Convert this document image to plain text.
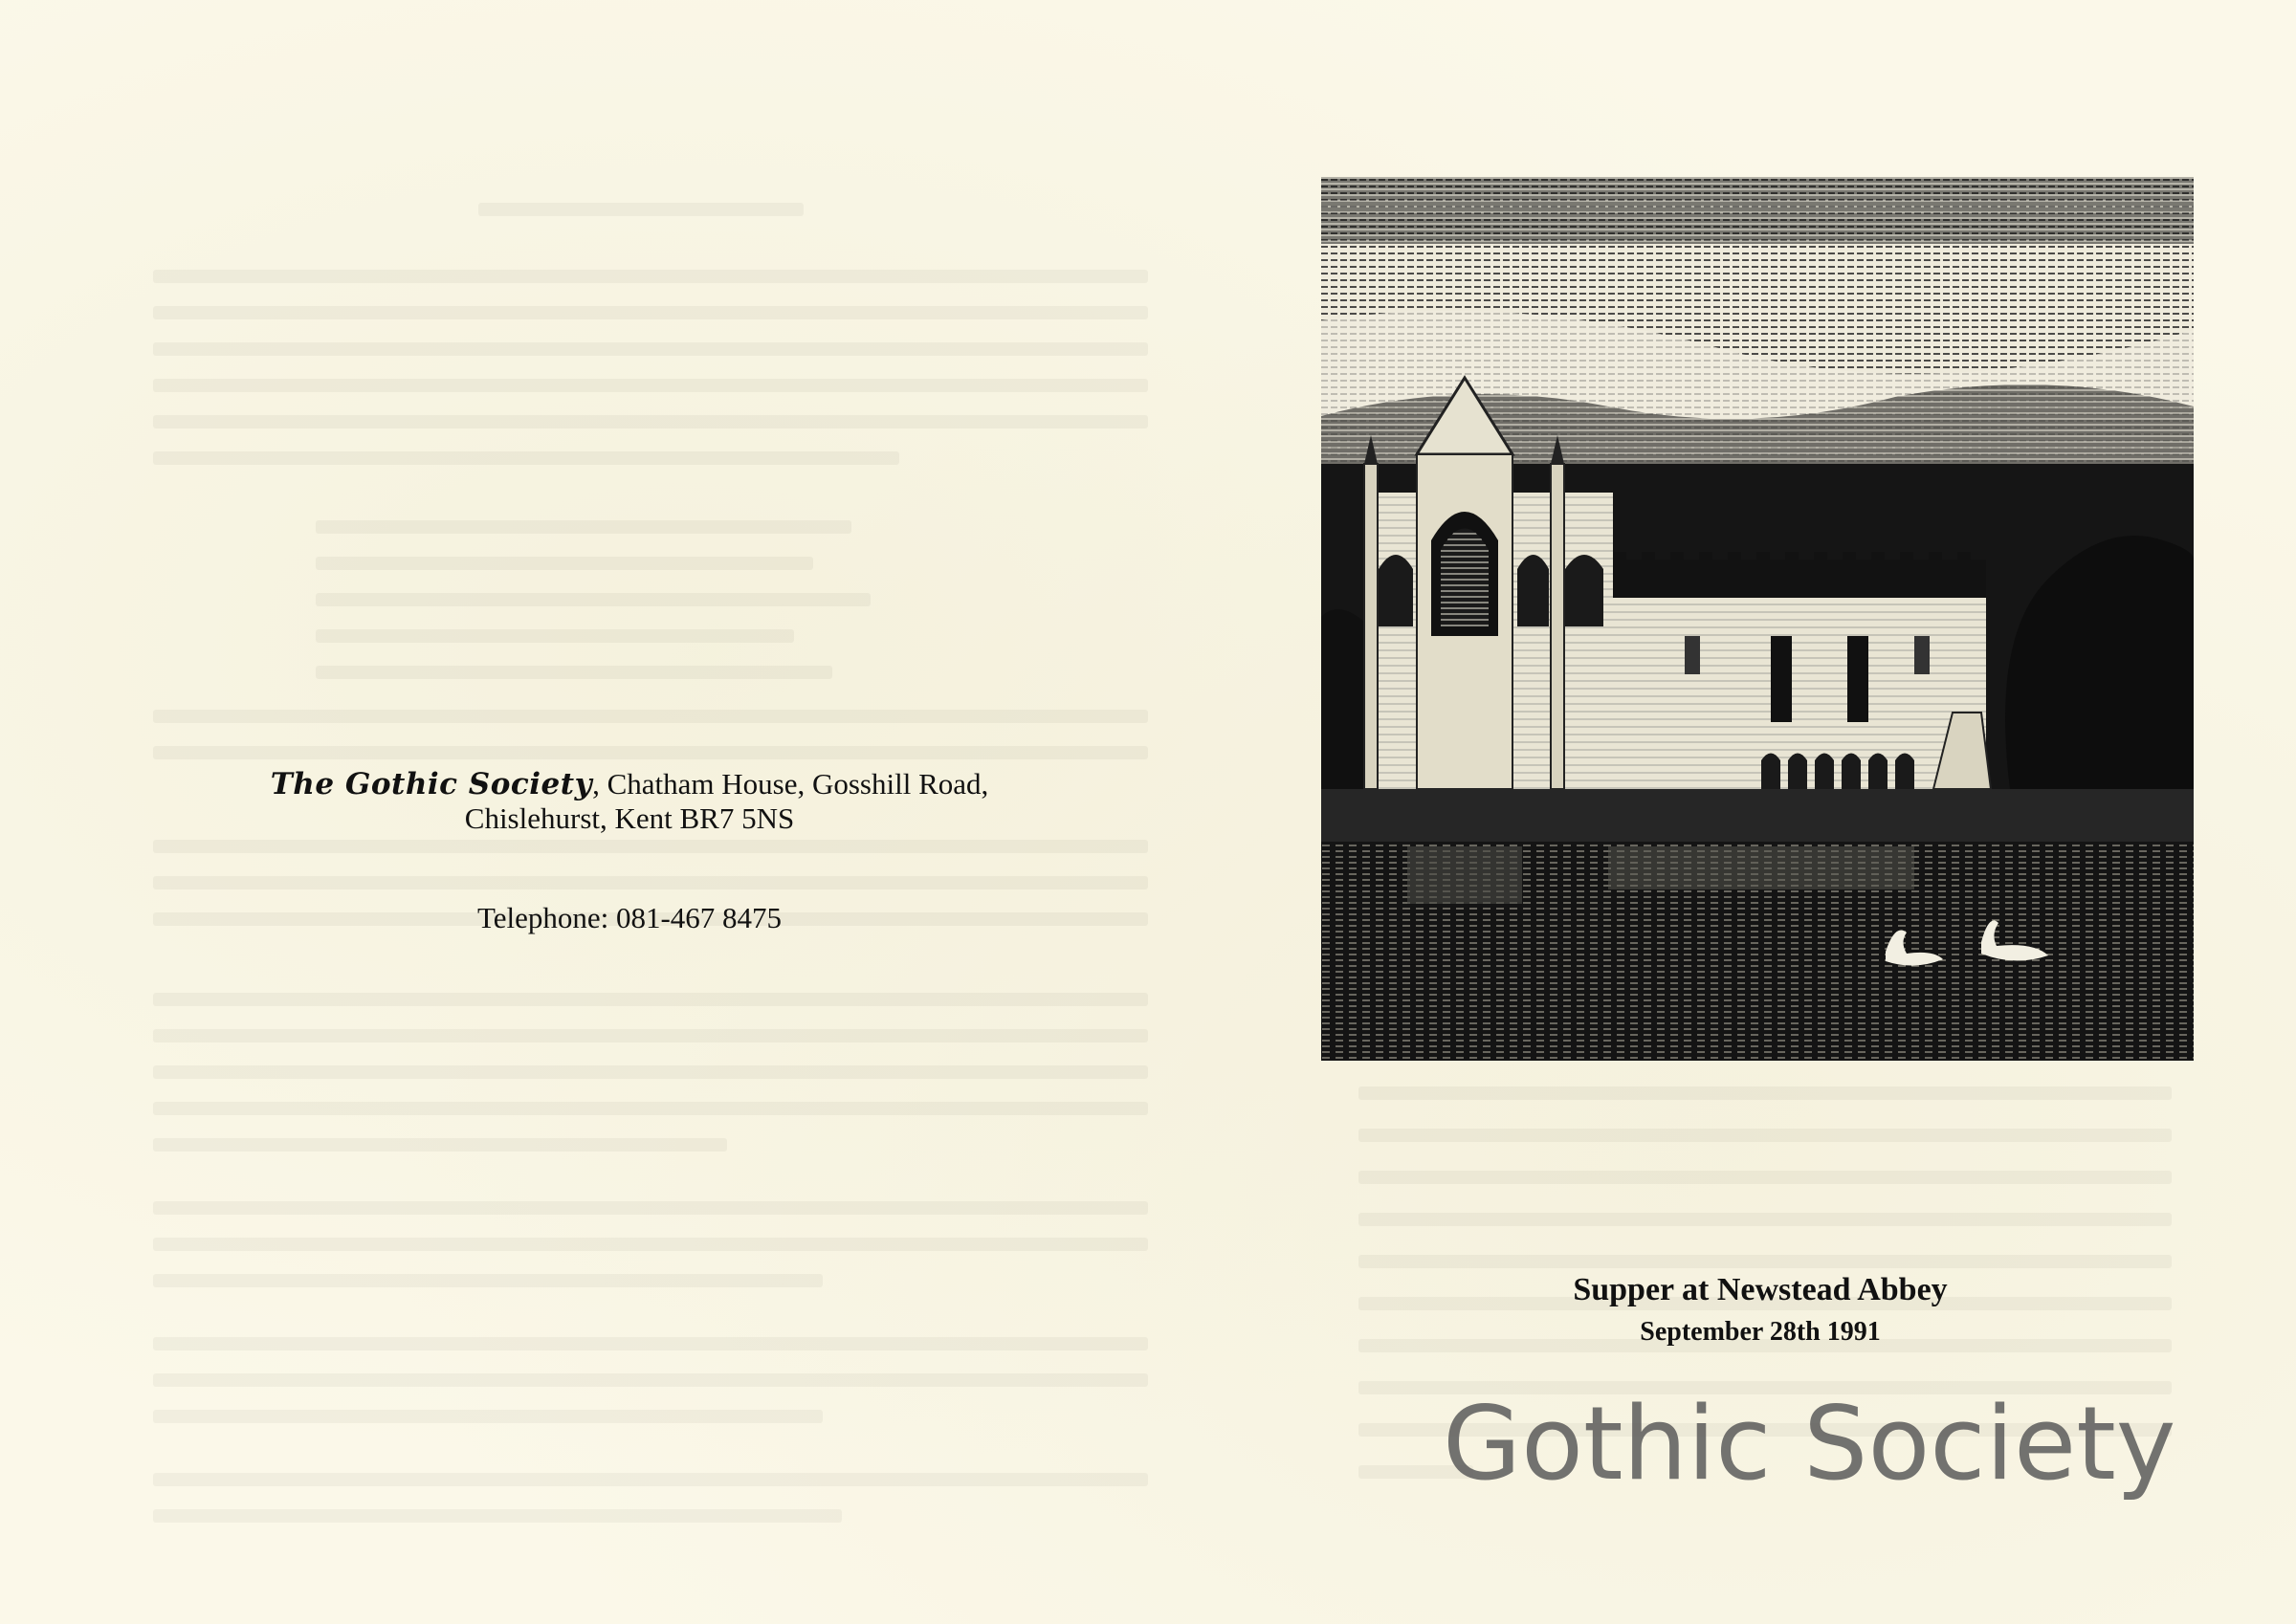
The Gothic Society, Chatham House, Gosshill Road,
Chislehurst, Kent BR7 5NS
Telephone: 081-467 8475
Supper at Newstead Abbey
September 28th 1991
Gothic Society
